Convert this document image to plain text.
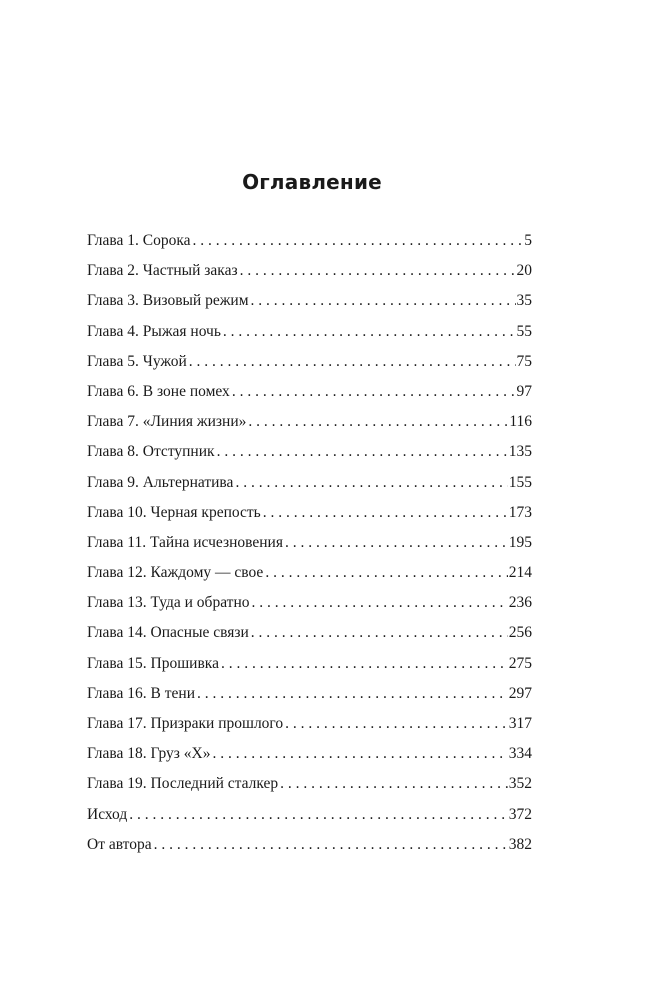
Оглавление
Глава 1. Сорока . . .	5
Глава 2. Частный заказ . . .	20
Глава 3. Визовый режим . . .	35
Глава 4. Рыжая ночь . . .	55
Глава 5. Чужой . . .	75
Глава 6. В зоне помех . . .	97
Глава 7. «Линия жизни» . . .	116
Глава 8. Отступник . . .	135
Глава 9. Альтернатива . . .	155
Глава 10. Черная крепость . . .	173
Глава 11. Тайна исчезновения . . .	195
Глава 12. Каждому — свое . . .	214
Глава 13. Туда и обратно . . .	236
Глава 14. Опасные связи . . .	256
Глава 15. Прошивка . . .	275
Глава 16. В тени . . .	297
Глава 17. Призраки прошлого . . .	317
Глава 18. Груз «Х» . . .	334
Глава 19. Последний сталкер . . .	352
Исход . . .	372
От автора . . .	382
